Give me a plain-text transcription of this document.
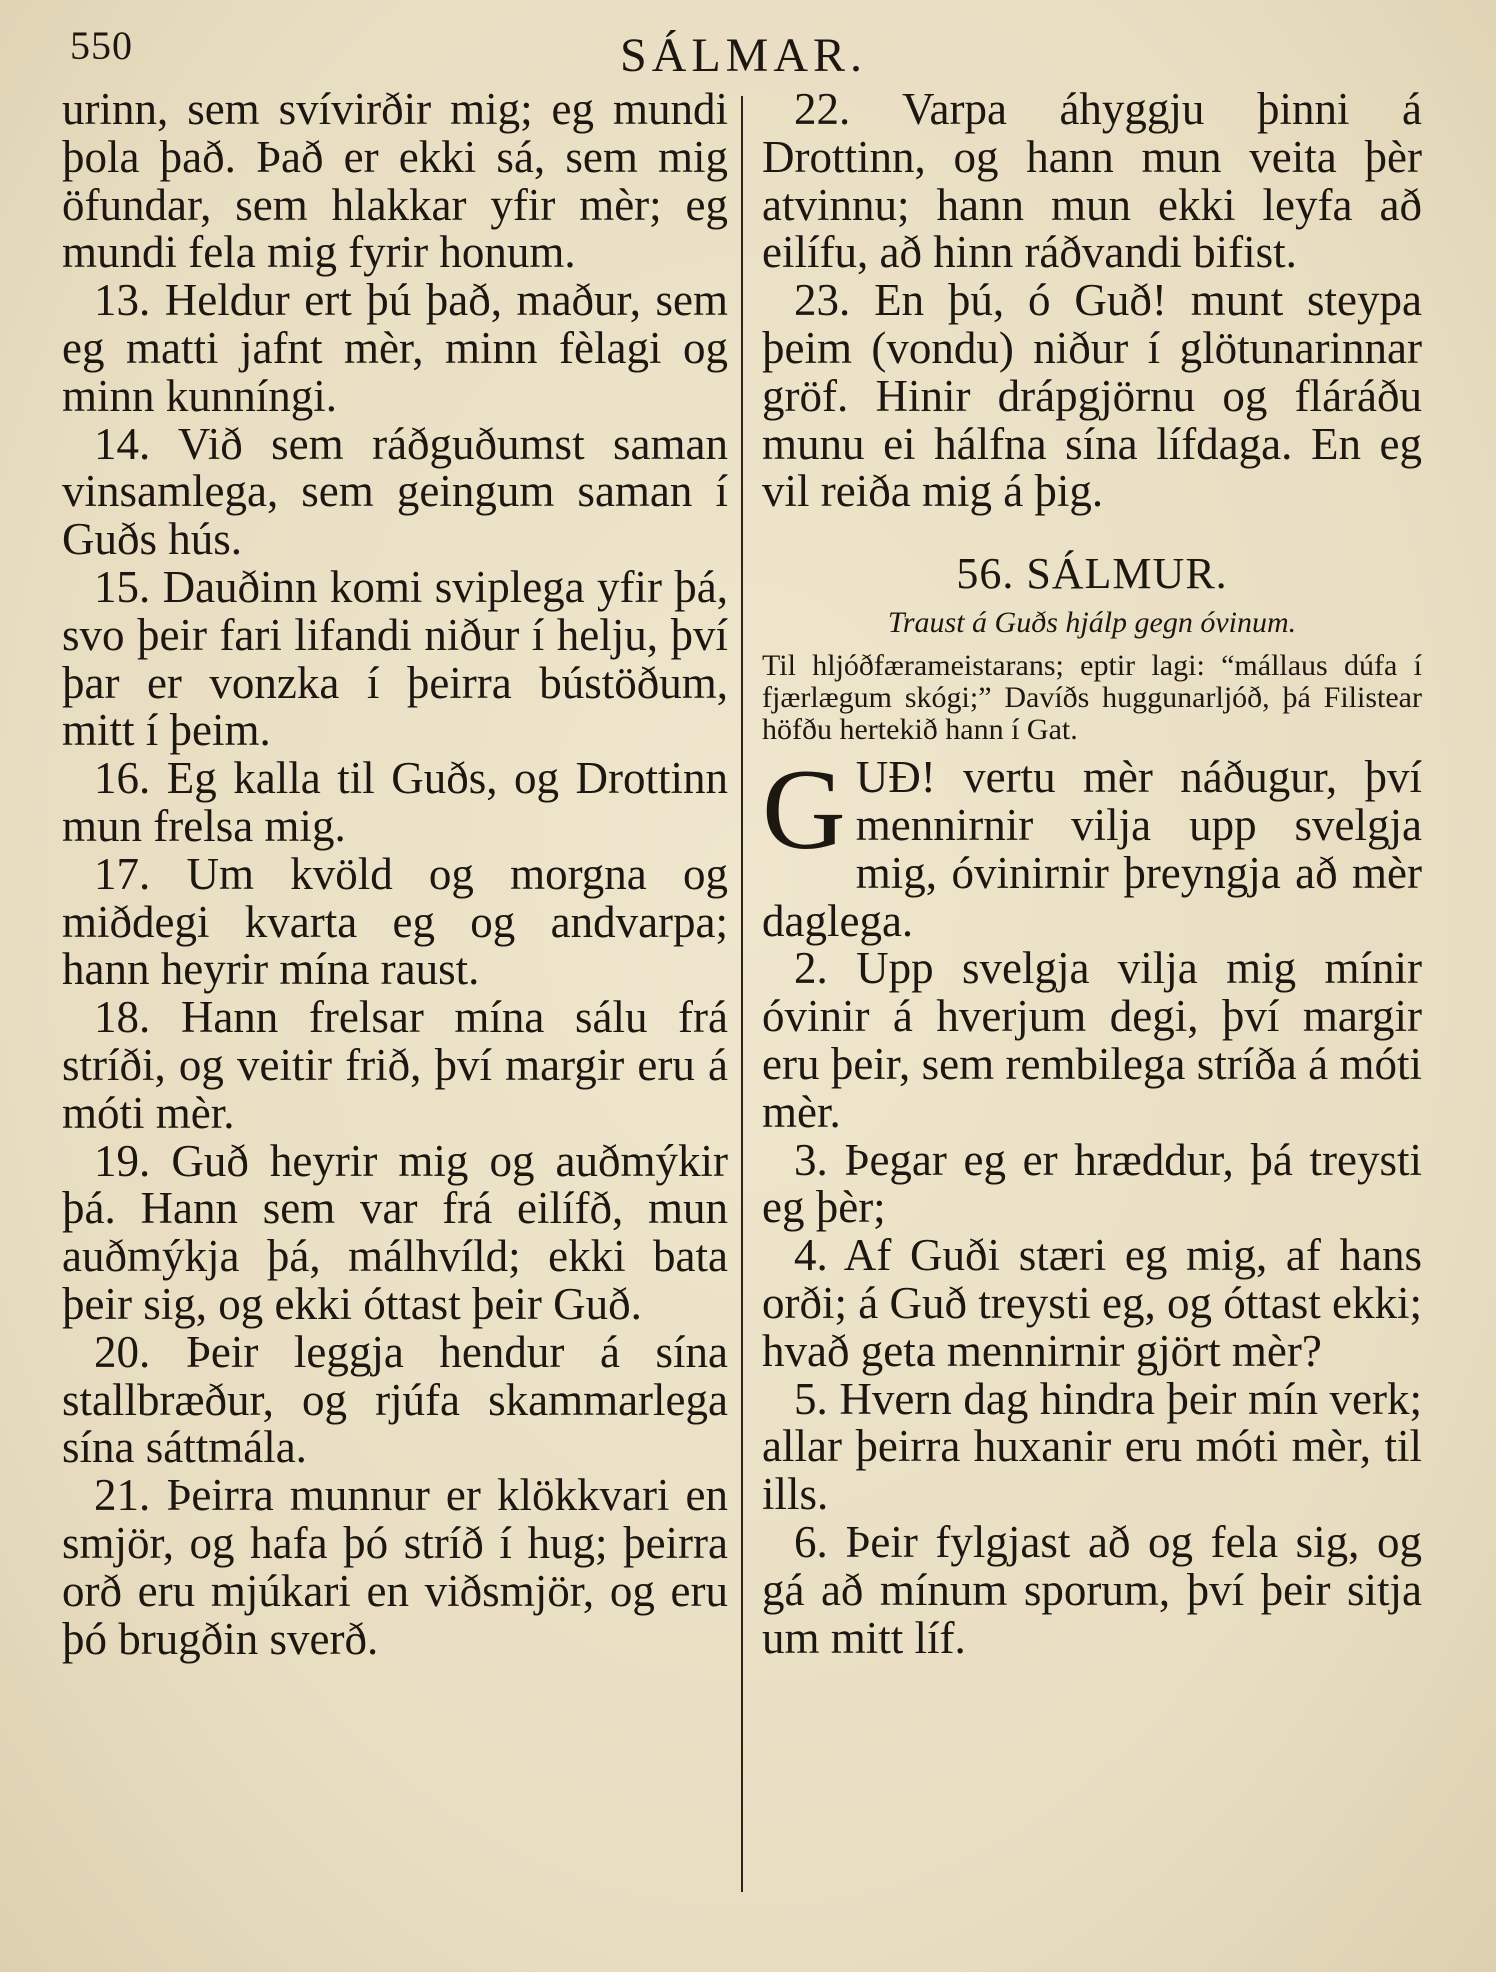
550	SÁLMAR.

urinn, sem svívirðir mig; eg mundi þola það. Það er ekki sá, sem mig öfundar, sem hlakkar yfir mèr; eg mundi fela mig fyrir honum.

13. Heldur ert þú það, maður, sem eg matti jafnt mèr, minn fèlagi og minn kunníngi.

14. Við sem ráðguðumst saman vinsamlega, sem geingum saman í Guðs hús.

15. Dauðinn komi sviplega yfir þá, svo þeir fari lifandi niður í helju, því þar er vonzka í þeirra bústöðum, mitt í þeim.

16. Eg kalla til Guðs, og Drottinn mun frelsa mig.

17. Um kvöld og morgna og miðdegi kvarta eg og andvarpa; hann heyrir mína raust.

18. Hann frelsar mína sálu frá stríði, og veitir frið, því margir eru á móti mèr.

19. Guð heyrir mig og auðmýkir þá. Hann sem var frá eilífð, mun auðmýkja þá, málhvíld; ekki bata þeir sig, og ekki óttast þeir Guð.

20. Þeir leggja hendur á sína stallbræður, og rjúfa skammarlega sína sáttmála.

21. Þeirra munnur er klökkvari en smjör, og hafa þó stríð í hug; þeirra orð eru mjúkari en viðsmjör, og eru þó brugðin sverð.

22. Varpa áhyggju þinni á Drottinn, og hann mun veita þèr atvinnu; hann mun ekki leyfa að eilífu, að hinn ráðvandi bifist.

23. En þú, ó Guð! munt steypa þeim (vondu) niður í glötunarinnar gröf. Hinir drápgjörnu og fláráðu munu ei hálfna sína lífdaga. En eg vil reiða mig á þig.

56. SÁLMUR.
Traust á Guðs hjálp gegn óvinum.
Til hljóðfærameistarans; eptir lagi: “mállaus dúfa í fjærlægum skógi;” Davíðs huggunarljóð, þá Filistear höfðu hertekið hann í Gat.

GUÐ! vertu mèr náðugur, því mennirnir vilja upp svelgja mig, óvinirnir þreyngja að mèr daglega.

2. Upp svelgja vilja mig mínir óvinir á hverjum degi, því margir eru þeir, sem rembilega stríða á móti mèr.

3. Þegar eg er hræddur, þá treysti eg þèr;

4. Af Guði stæri eg mig, af hans orði; á Guð treysti eg, og óttast ekki; hvað geta mennirnir gjört mèr?

5. Hvern dag hindra þeir mín verk; allar þeirra huxanir eru móti mèr, til ills.

6. Þeir fylgjast að og fela sig, og gá að mínum sporum, því þeir sitja um mitt líf.
